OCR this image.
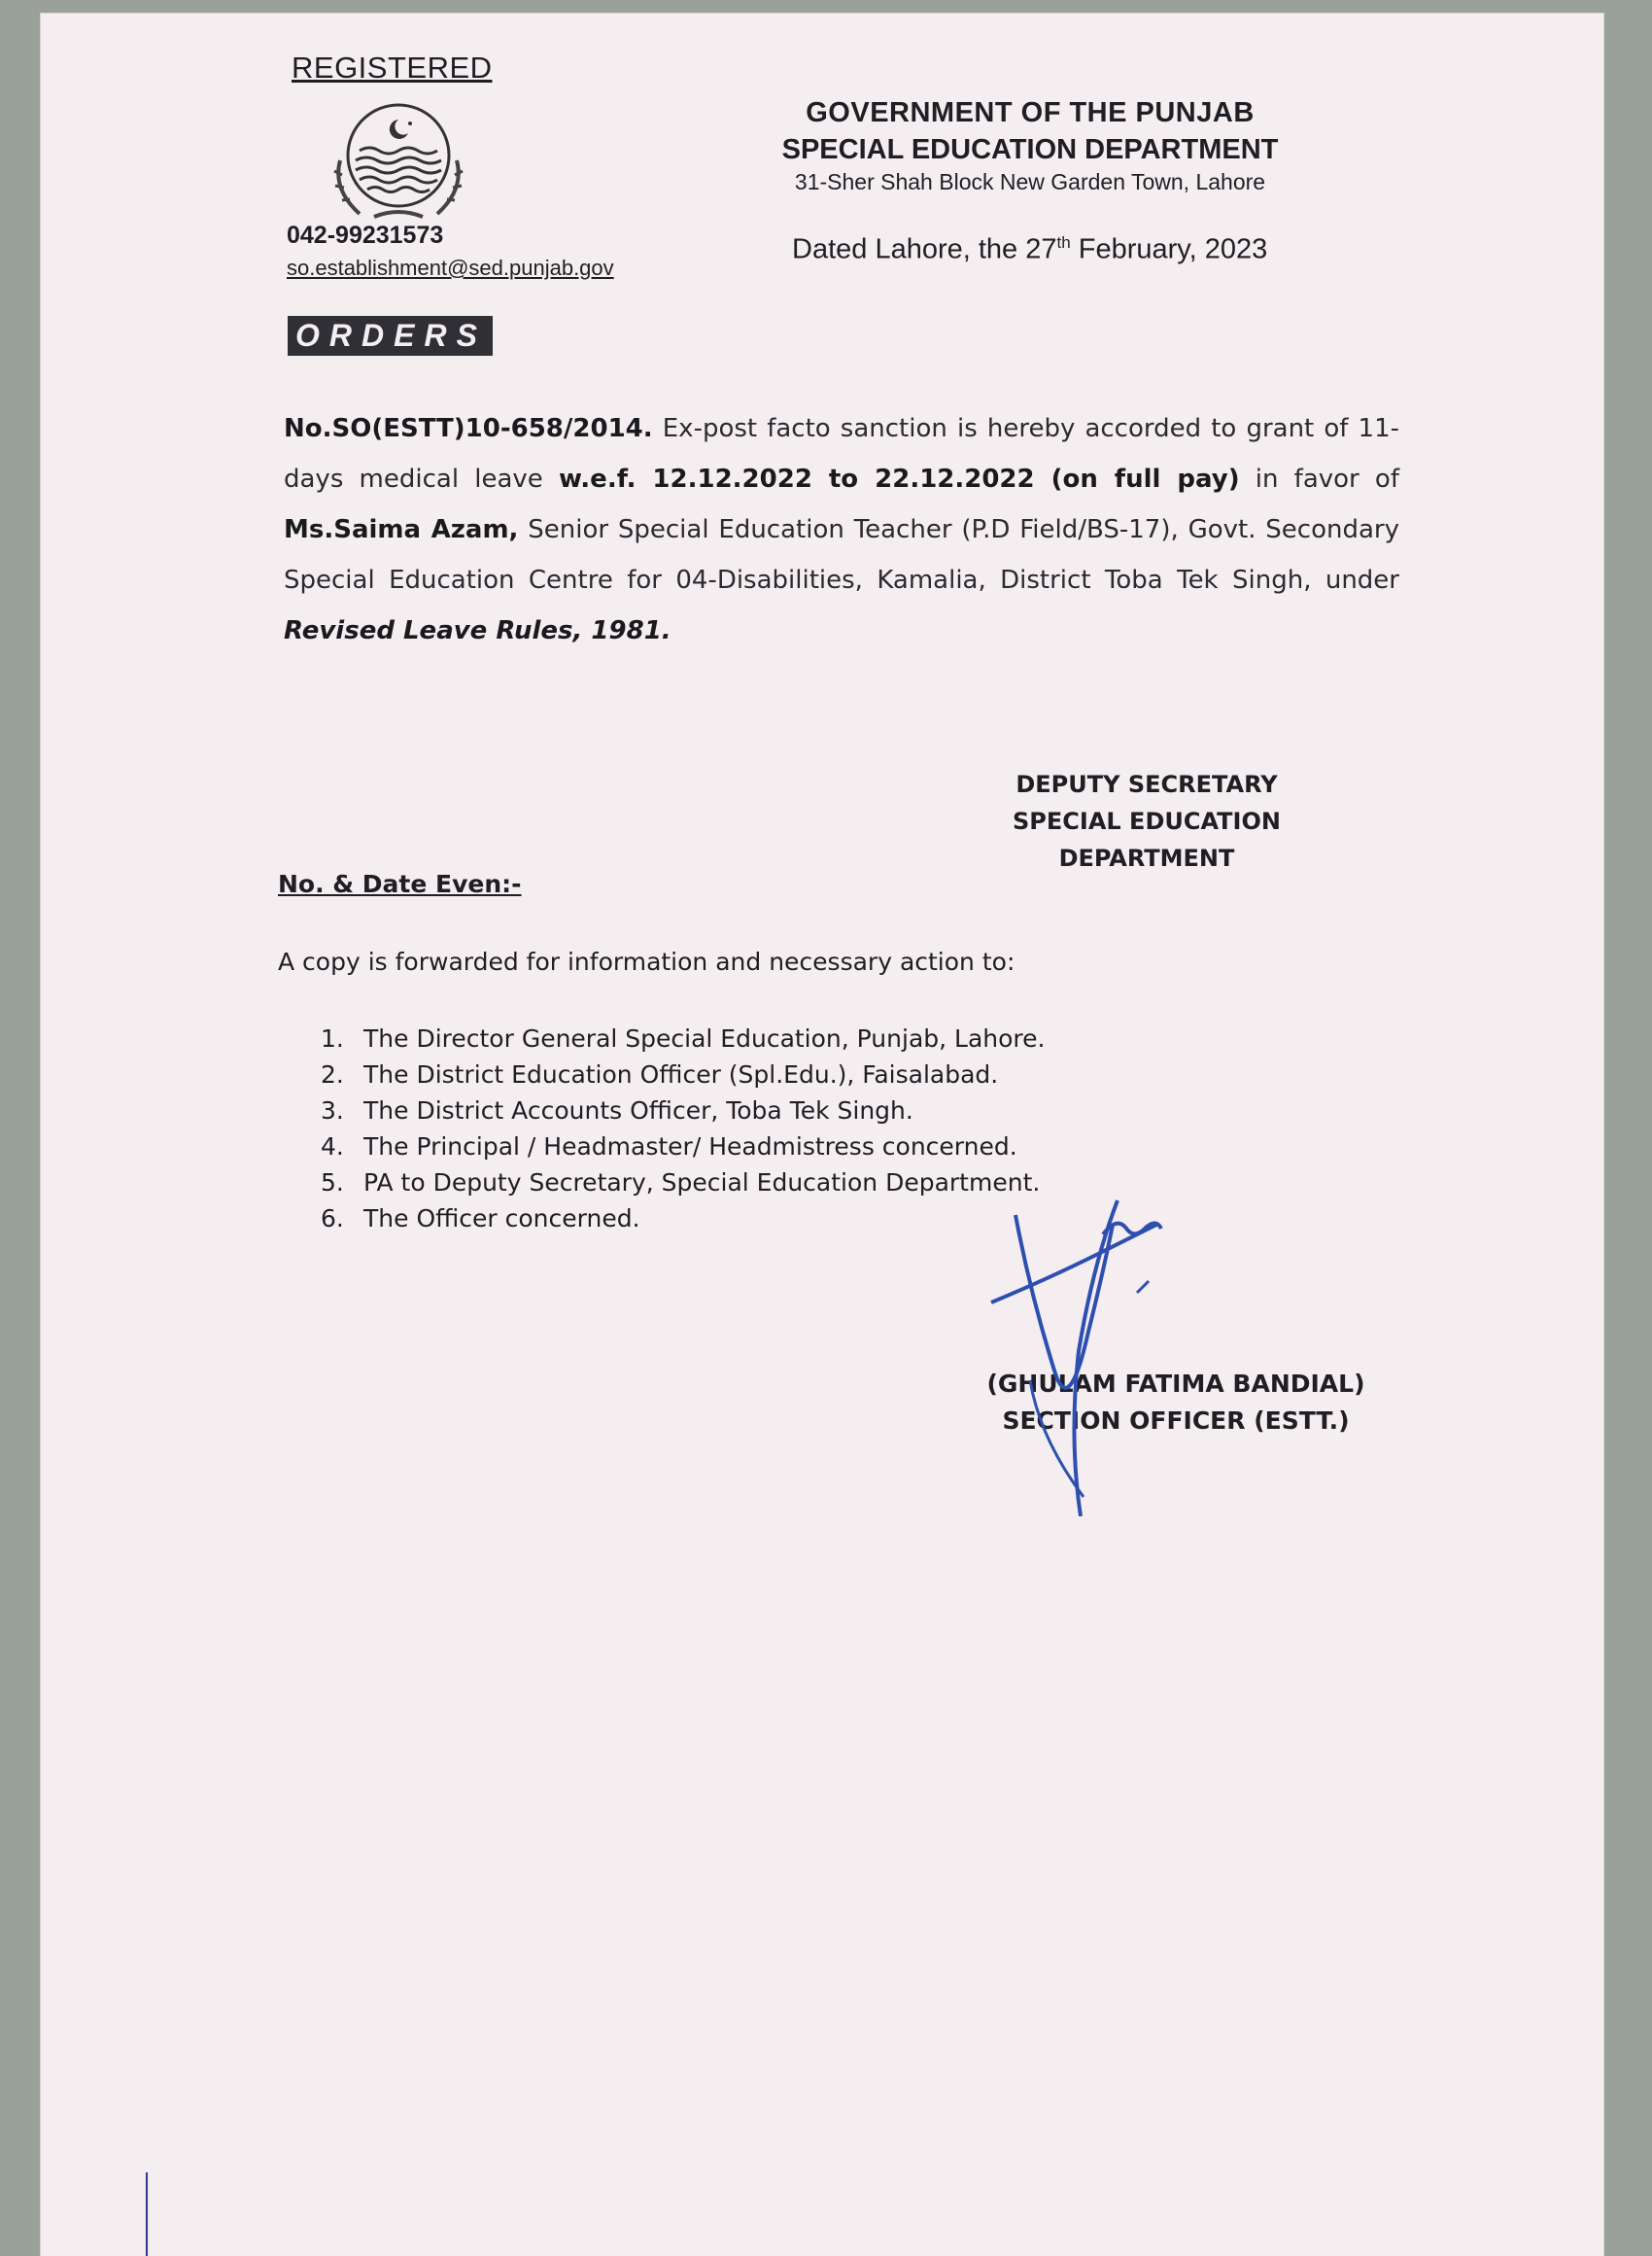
REGISTERED
042-99231573
so.establishment@sed.punjab.gov
GOVERNMENT OF THE PUNJAB
SPECIAL EDUCATION DEPARTMENT
31-Sher Shah Block New Garden Town, Lahore
Dated Lahore, the 27th February, 2023
ORDERS
No.SO(ESTT)10-658/2014. Ex-post facto sanction is hereby accorded to grant of 11-days medical leave w.e.f. 12.12.2022 to 22.12.2022 (on full pay) in favor of Ms.Saima Azam, Senior Special Education Teacher (P.D Field/BS-17), Govt. Secondary Special Education Centre for 04-Disabilities, Kamalia, District Toba Tek Singh, under Revised Leave Rules, 1981.
DEPUTY SECRETARY
SPECIAL EDUCATION
DEPARTMENT
No. & Date Even:-
A copy is forwarded for information and necessary action to:
1. The Director General Special Education, Punjab, Lahore.
2. The District Education Officer (Spl.Edu.), Faisalabad.
3. The District Accounts Officer, Toba Tek Singh.
4. The Principal / Headmaster/ Headmistress concerned.
5. PA to Deputy Secretary, Special Education Department.
6. The Officer concerned.
(GHULAM FATIMA BANDIAL)
SECTION OFFICER (ESTT.)
